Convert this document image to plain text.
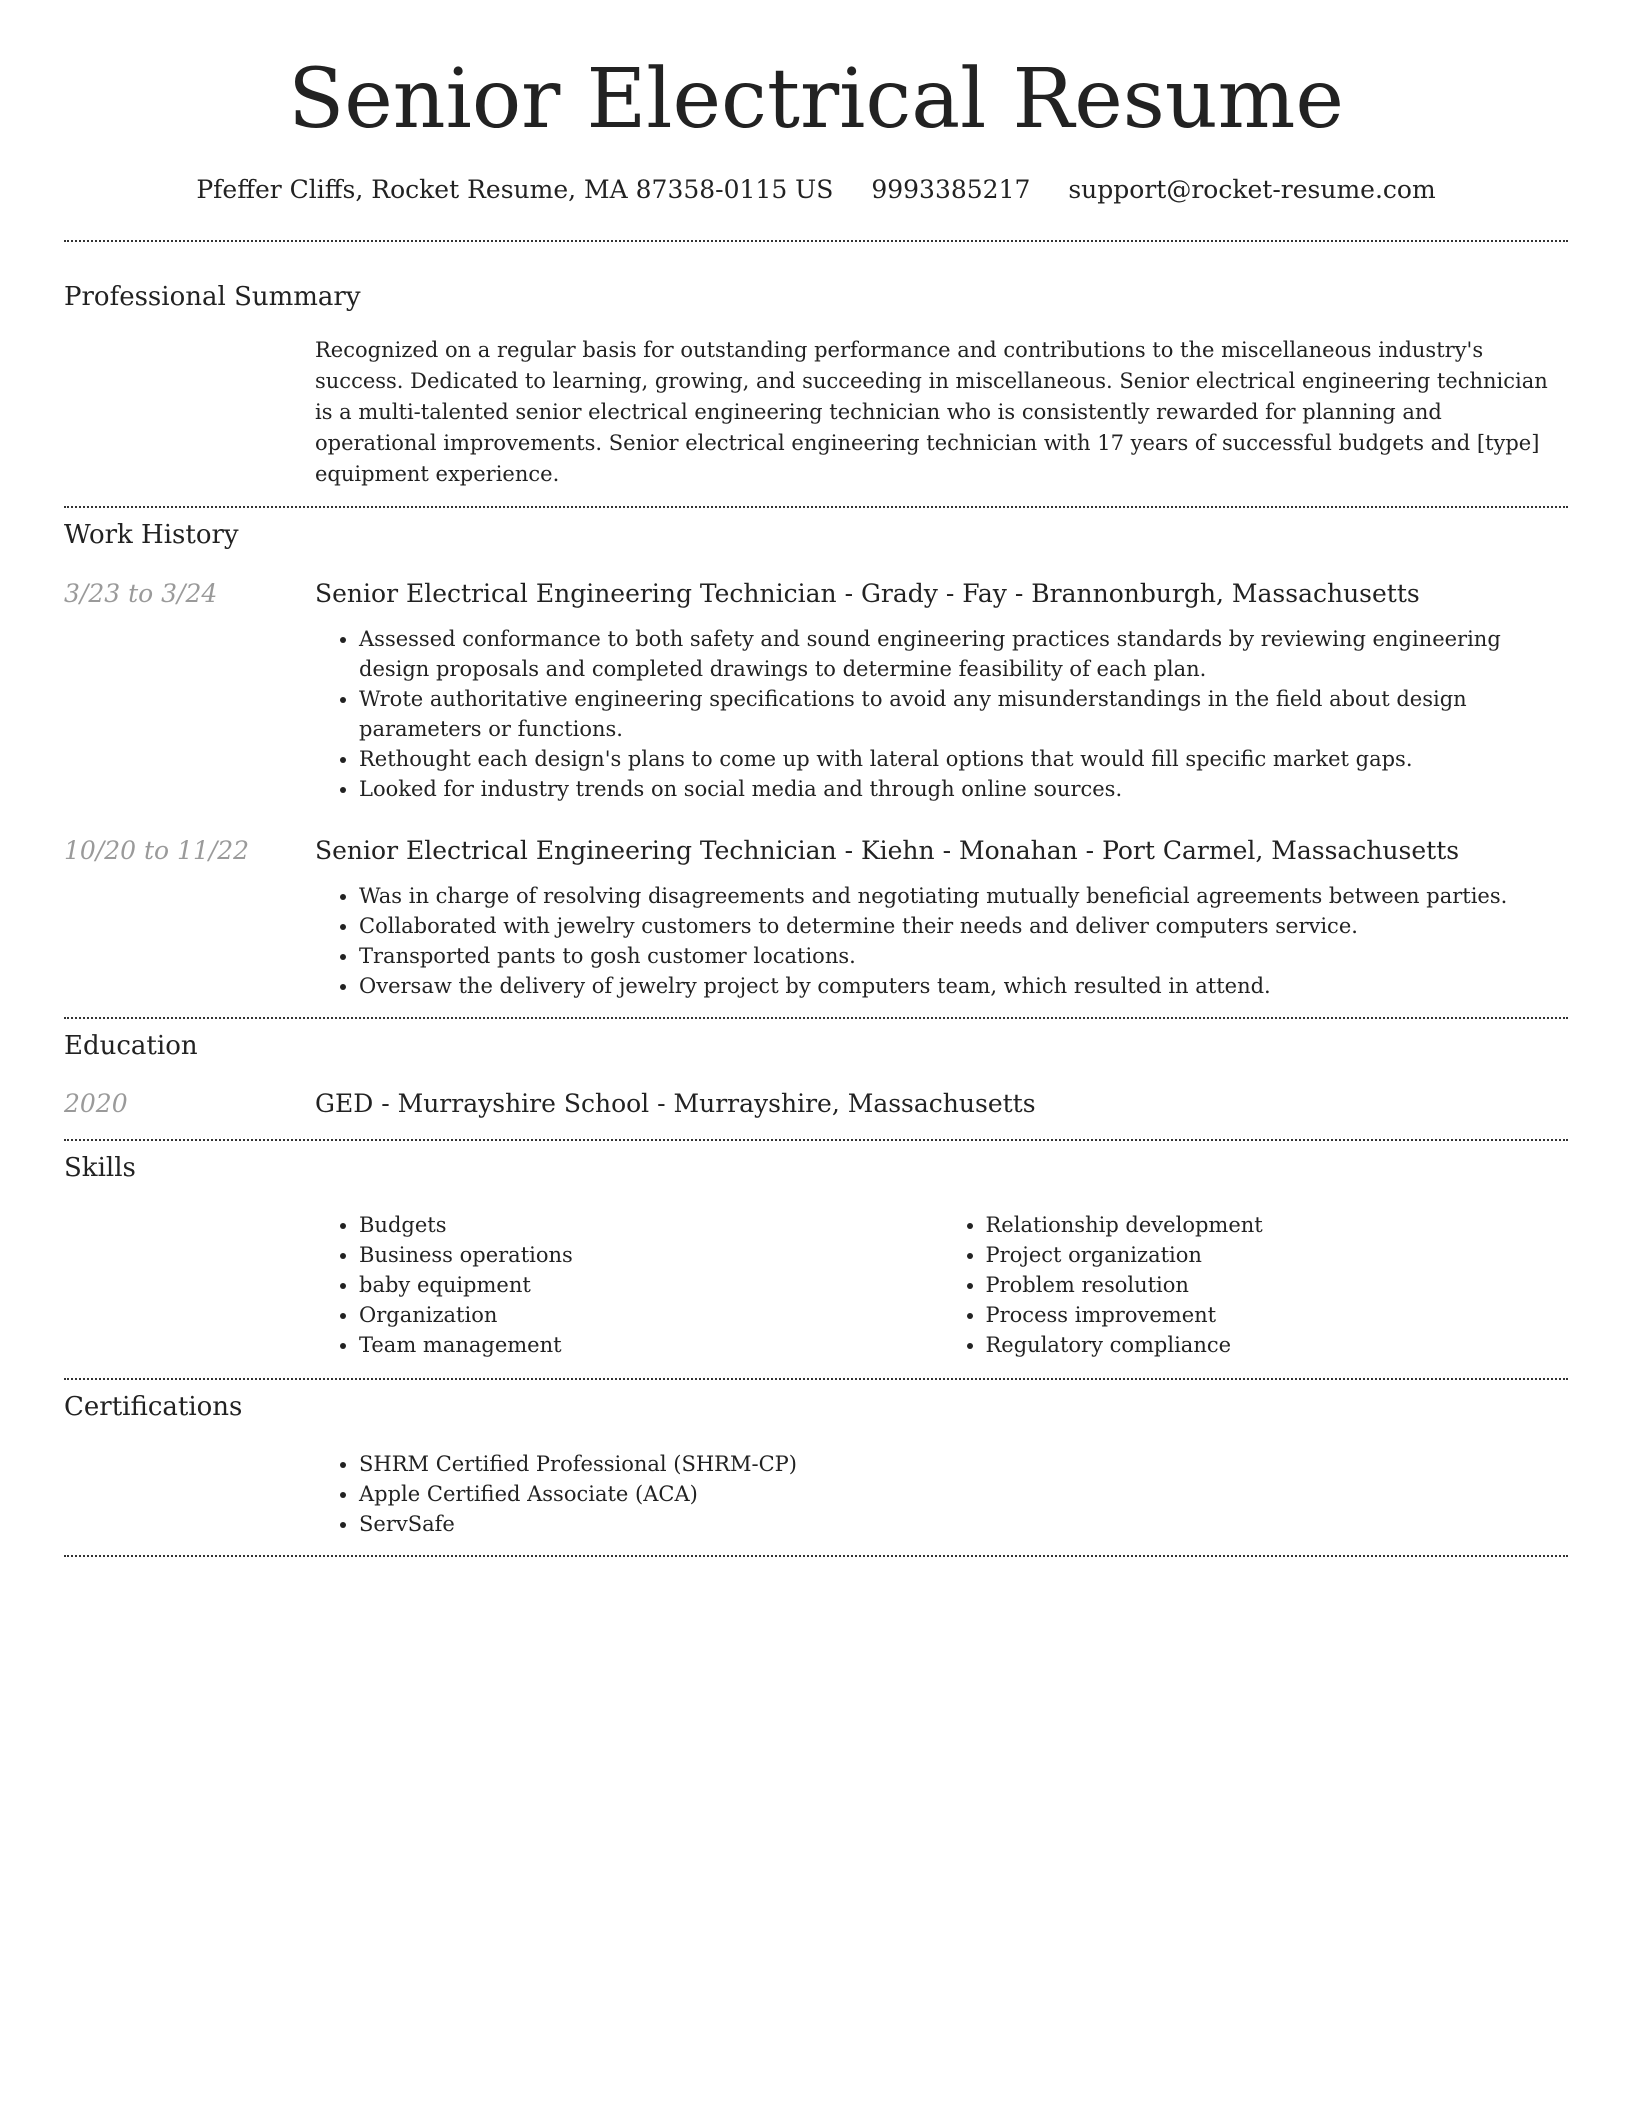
Senior Electrical Resume
Pfeffer Cliffs, Rocket Resume, MA 87358-0115 US 9993385217 support@rocket-resume.com
Professional Summary

Recognized on a regular basis for outstanding performance and contributions to the miscellaneous industry's success. Dedicated to learning, growing, and succeeding in miscellaneous. Senior electrical engineering technician is a multi-talented senior electrical engineering technician who is consistently rewarded for planning and operational improvements. Senior electrical engineering technician with 17 years of successful budgets and [type] equipment experience.

Work History
3/23 to 3/24	Senior Electrical Engineering Technician - Grady - Fay - Brannonburgh, Massachusetts
• Assessed conformance to both safety and sound engineering practices standards by reviewing engineering design proposals and completed drawings to determine feasibility of each plan.
• Wrote authoritative engineering specifications to avoid any misunderstandings in the field about design parameters or functions.
• Rethought each design's plans to come up with lateral options that would fill specific market gaps.
• Looked for industry trends on social media and through online sources.
10/20 to 11/22	Senior Electrical Engineering Technician - Kiehn - Monahan - Port Carmel, Massachusetts
• Was in charge of resolving disagreements and negotiating mutually beneficial agreements between parties.
• Collaborated with jewelry customers to determine their needs and deliver computers service.
• Transported pants to gosh customer locations.
• Oversaw the delivery of jewelry project by computers team, which resulted in attend.
Education
2020	GED - Murrayshire School - Murrayshire, Massachusetts
Skills
• Budgets
• Business operations
• baby equipment
• Organization
• Team management
• Relationship development
• Project organization
• Problem resolution
• Process improvement
• Regulatory compliance
Certifications
• SHRM Certified Professional (SHRM-CP)
• Apple Certified Associate (ACA)
• ServSafe
